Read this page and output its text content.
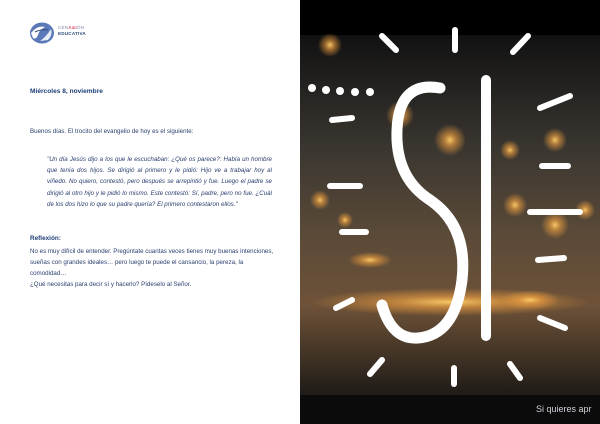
CENA&IÓN
EDUCATIVA
Miércoles 8, noviembre
Buenos días. El trocito del evangelio de hoy es el siguiente:
"Un día Jesús dijo a los que le escuchaban: ¿Qué os parece?: Había un hombre que tenía dos hijos. Se dirigió al primero y le pidió: Hijo ve a trabajar hoy al viñedo. No quiero, contestó, pero después se arrepintió y fue. Luego el padre se dirigió al otro hijo y le pidió lo mismo. Este contestó: Sí, padre, pero no fue. ¿Cuál de los dos hizo lo que su padre quería? El primero contestaron ellos."
Reflexión:
No es muy difícil de entender. Pregúntate cuantas veces tienes muy buenas intenciones, sueñas con grandes ideales… pero luego te puede el cansancio, la pereza, la comodidad…
¿Qué necesitas para decir sí y hacerlo? Pídeselo al Señor.
Si quieres apr
